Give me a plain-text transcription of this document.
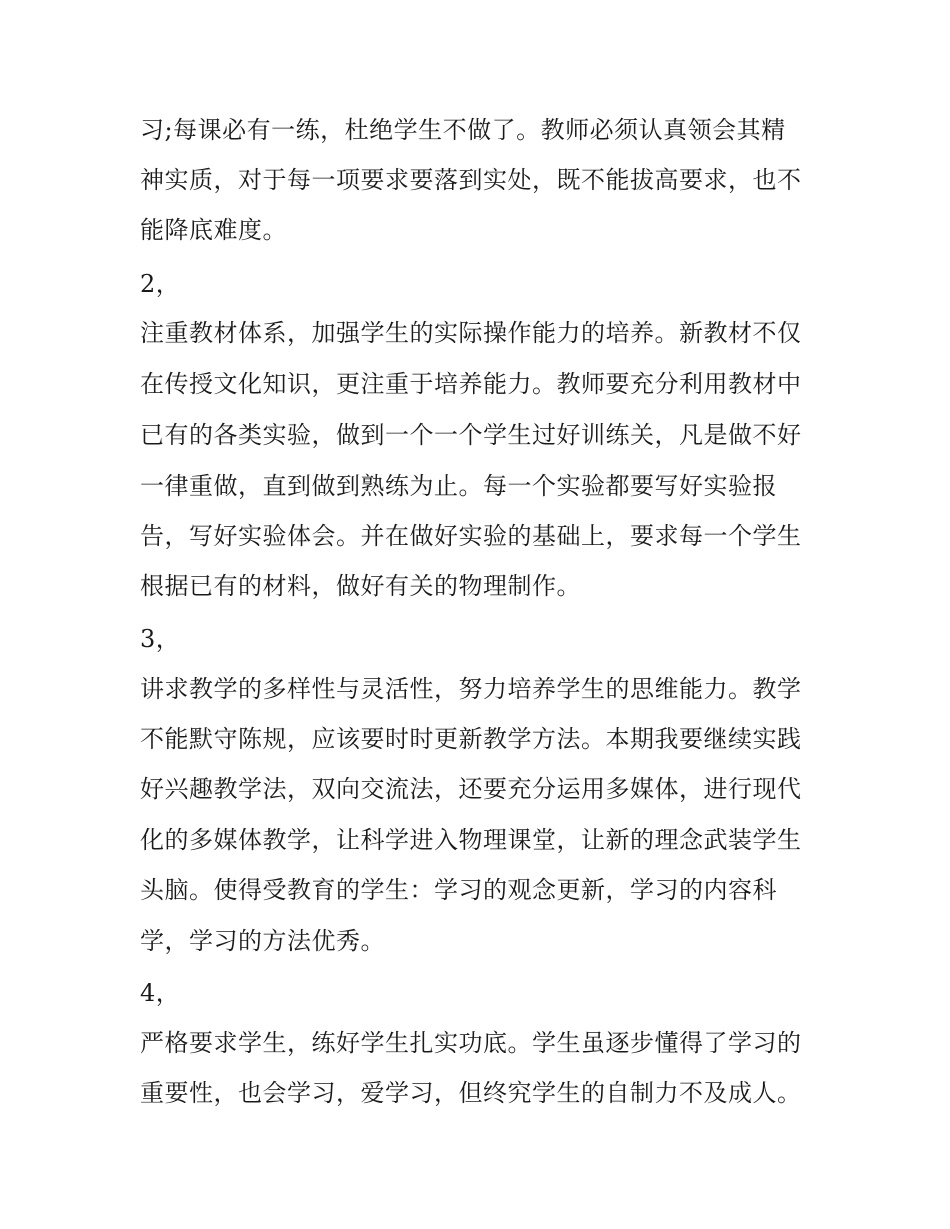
习;每课必有一练，杜绝学生不做了。教师必须认真领会其精
神实质，对于每一项要求要落到实处，既不能拔高要求，也不
能降底难度。
2，
注重教材体系，加强学生的实际操作能力的培养。新教材不仅
在传授文化知识，更注重于培养能力。教师要充分利用教材中
已有的各类实验，做到一个一个学生过好训练关，凡是做不好
一律重做，直到做到熟练为止。每一个实验都要写好实验报
告，写好实验体会。并在做好实验的基础上，要求每一个学生
根据已有的材料，做好有关的物理制作。
3，
讲求教学的多样性与灵活性，努力培养学生的思维能力。教学
不能默守陈规，应该要时时更新教学方法。本期我要继续实践
好兴趣教学法，双向交流法，还要充分运用多媒体，进行现代
化的多媒体教学，让科学进入物理课堂，让新的理念武装学生
头脑。使得受教育的学生：学习的观念更新，学习的内容科
学，学习的方法优秀。
4，
严格要求学生，练好学生扎实功底。学生虽逐步懂得了学习的
重要性，也会学习，爱学习，但终究学生的自制力不及成人。
